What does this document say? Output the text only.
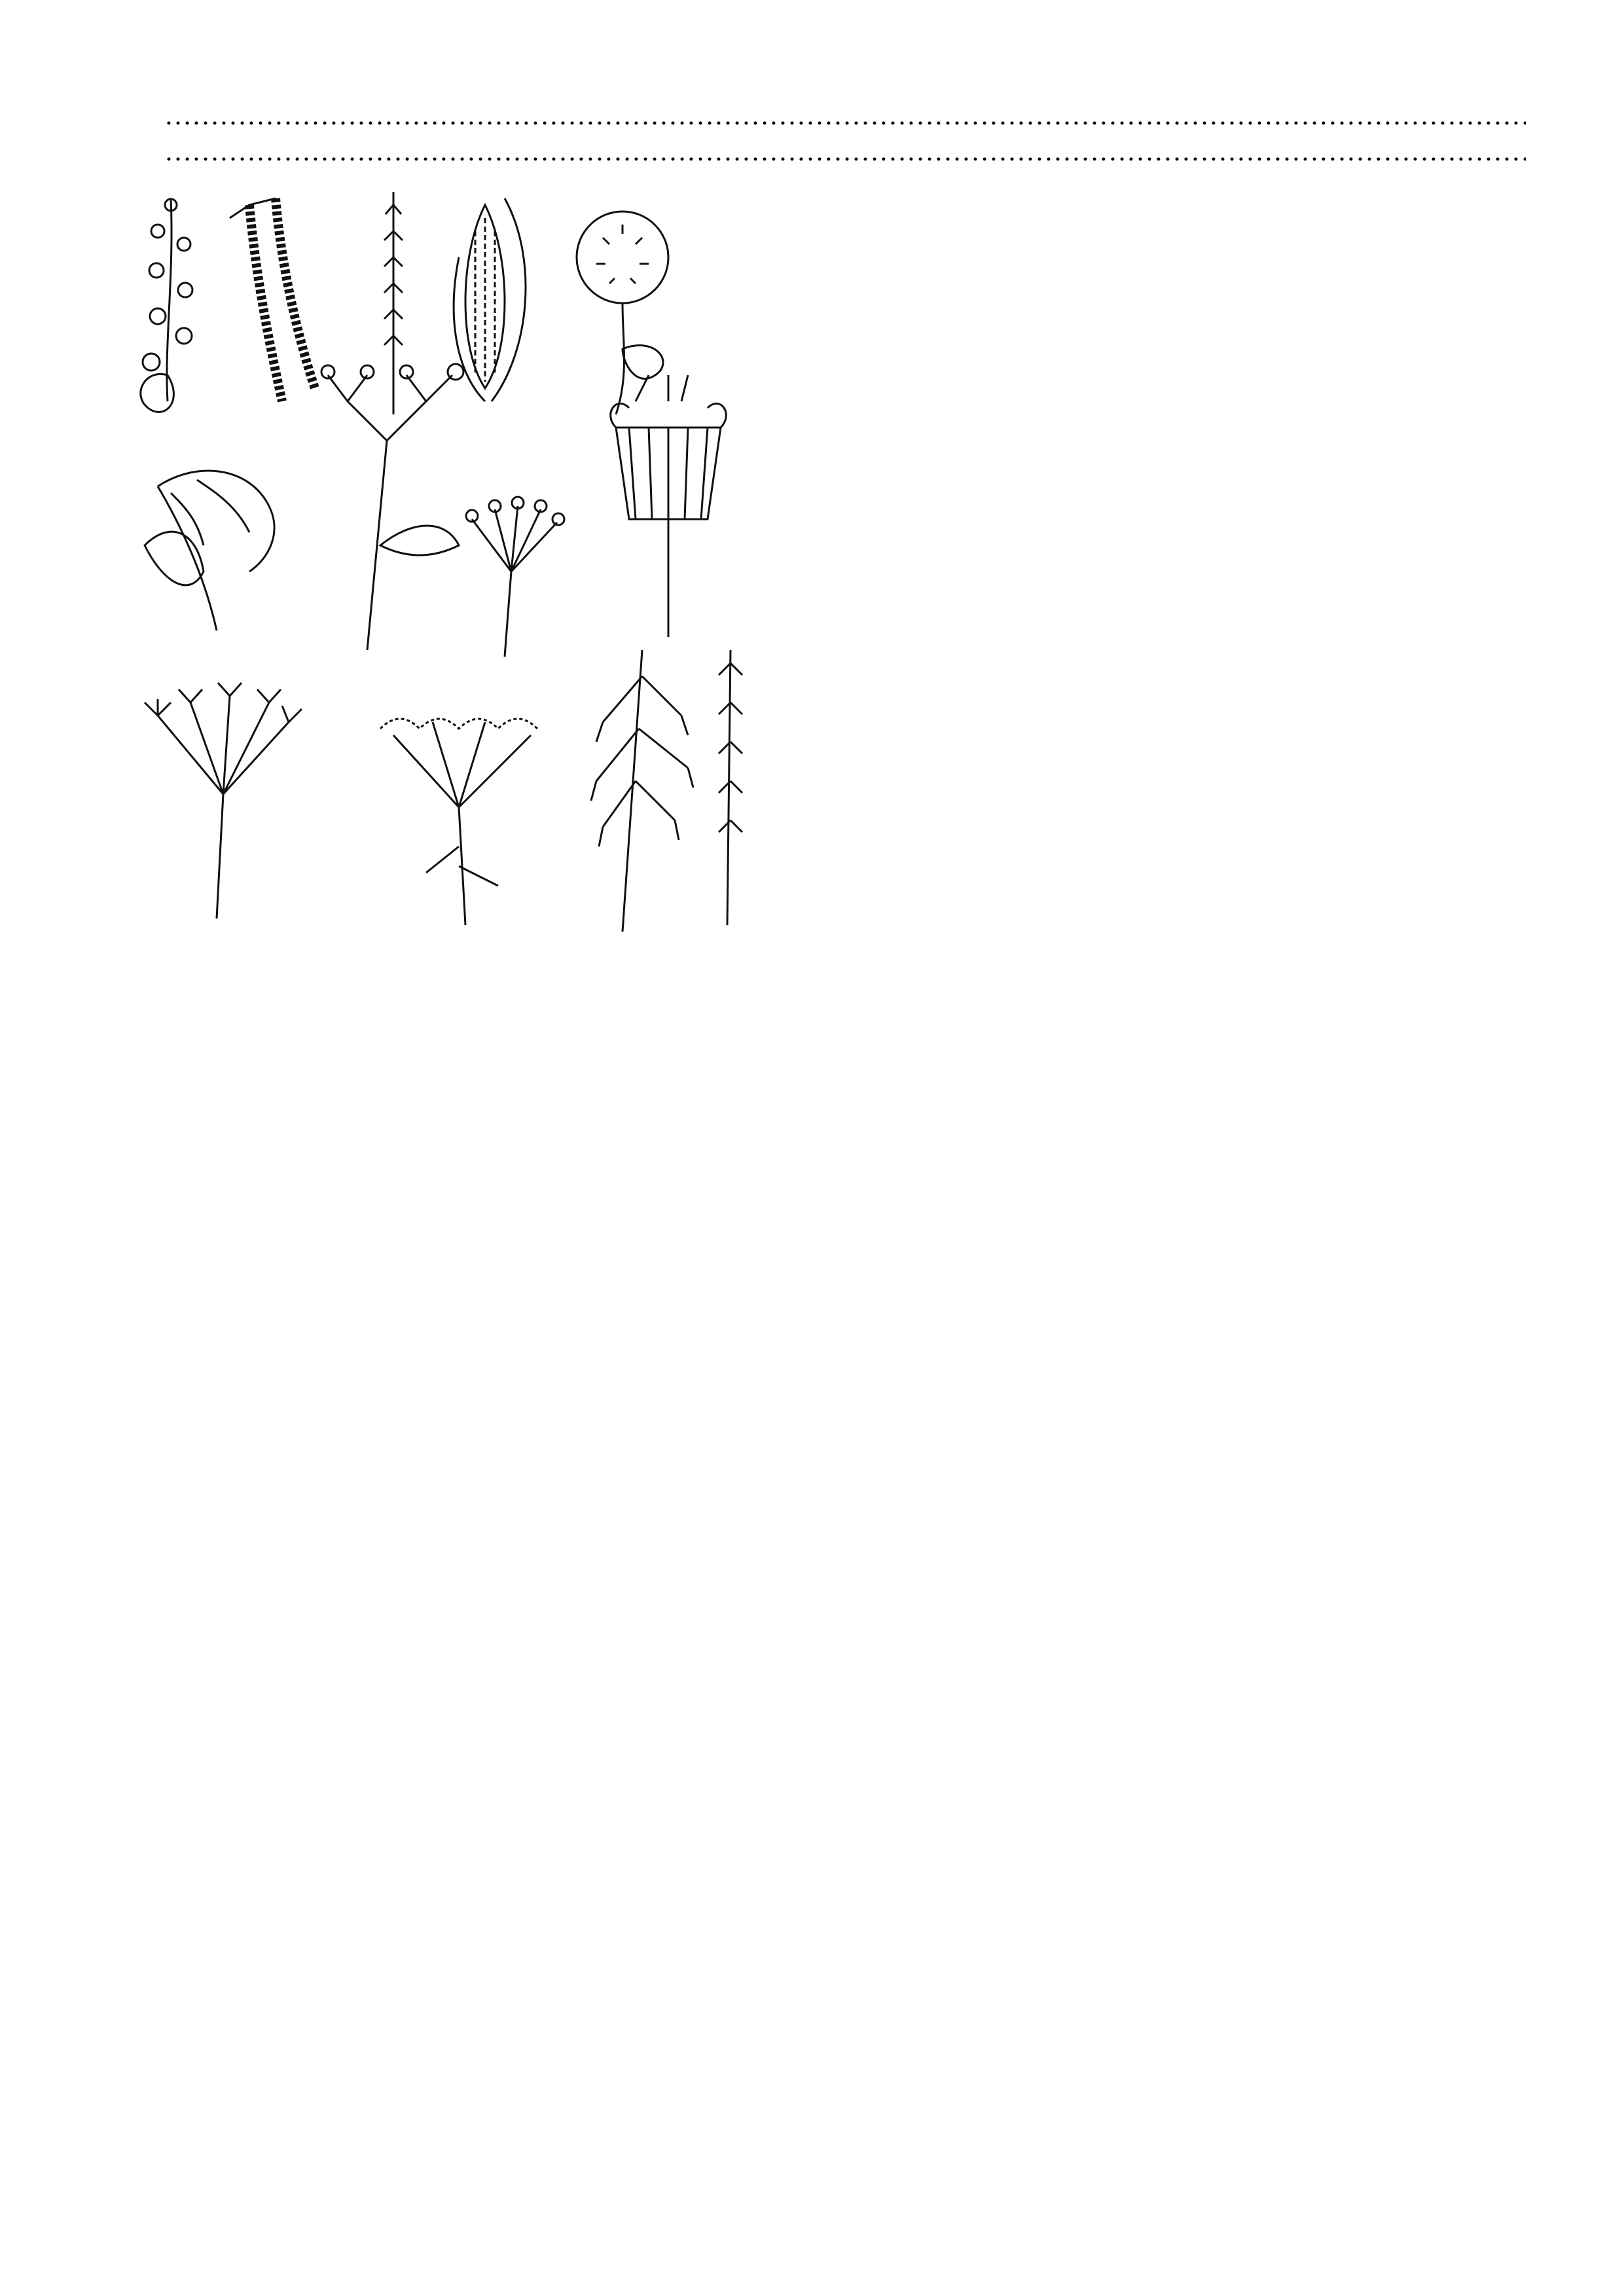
……………………………………………………………………………………………………………………………………………………………………………………………………………………………………
……………………………………………………………………………………………………………………………………………………………………………………………………………………………………
